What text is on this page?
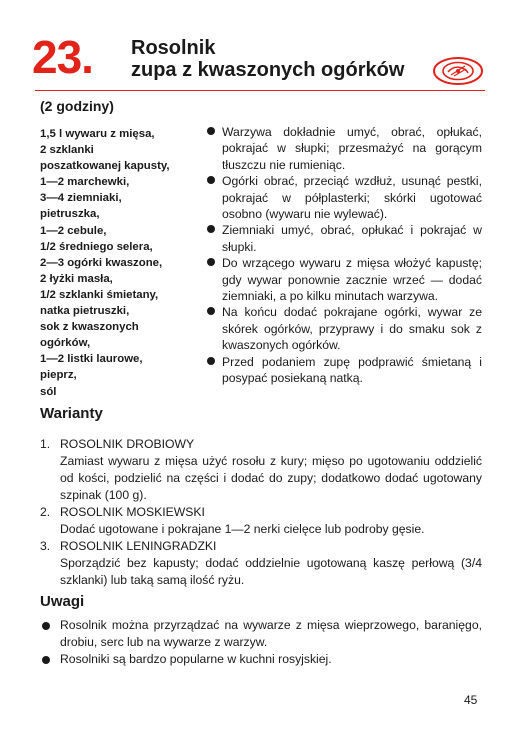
23. Rosolnik
zupa z kwaszonych ogórków
(2 godziny)
1,5 l wywaru z mięsa,
2 szklanki
poszatkowanej kapusty,
1—2 marchewki,
3—4 ziemniaki,
pietruszka,
1—2 cebule,
1/2 średniego selera,
2—3 ogórki kwaszone,
2 łyżki masła,
1/2 szklanki śmietany,
natka pietruszki,
sok z kwaszonych
ogórków,
1—2 listki laurowe,
pieprz,
sól
Warzywa dokładnie umyć, obrać, opłukać, pokrajać w słupki; przesmażyć na gorącym tłuszczu nie rumieniąc.
Ogórki obrać, przeciąć wzdłuż, usunąć pestki, pokrajać w półplasterki; skórki ugotować osobno (wywaru nie wylewać).
Ziemniaki umyć, obrać, opłukać i pokrajać w słupki.
Do wrzącego wywaru z mięsa włożyć kapustę; gdy wywar ponownie zacznie wrzeć — dodać ziemniaki, a po kilku minutach warzywa.
Na końcu dodać pokrajane ogórki, wywar ze skórek ogórków, przyprawy i do smaku sok z kwaszonych ogórków.
Przed podaniem zupę podprawić śmietaną i posypać posiekaną natką.
Warianty
1. ROSOLNIK DROBIOWY
Zamiast wywaru z mięsa użyć rosołu z kury; mięso po ugotowaniu oddzielić od kości, podzielić na części i dodać do zupy; dodatkowo dodać ugotowany szpinak (100 g).
2. ROSOLNIK MOSKIEWSKI
Dodać ugotowane i pokrajane 1—2 nerki cielęce lub podroby gęsie.
3. ROSOLNIK LENINGRADZKI
Sporządzić bez kapusty; dodać oddzielnie ugotowaną kaszę perłową (3/4 szklanki) lub taką samą ilość ryżu.
Uwagi
Rosolnik można przyrządzać na wywarze z mięsa wieprzowego, baranięgo, drobiu, serc lub na wywarze z warzyw.
Rosolniki są bardzo popularne w kuchni rosyjskiej.
45
